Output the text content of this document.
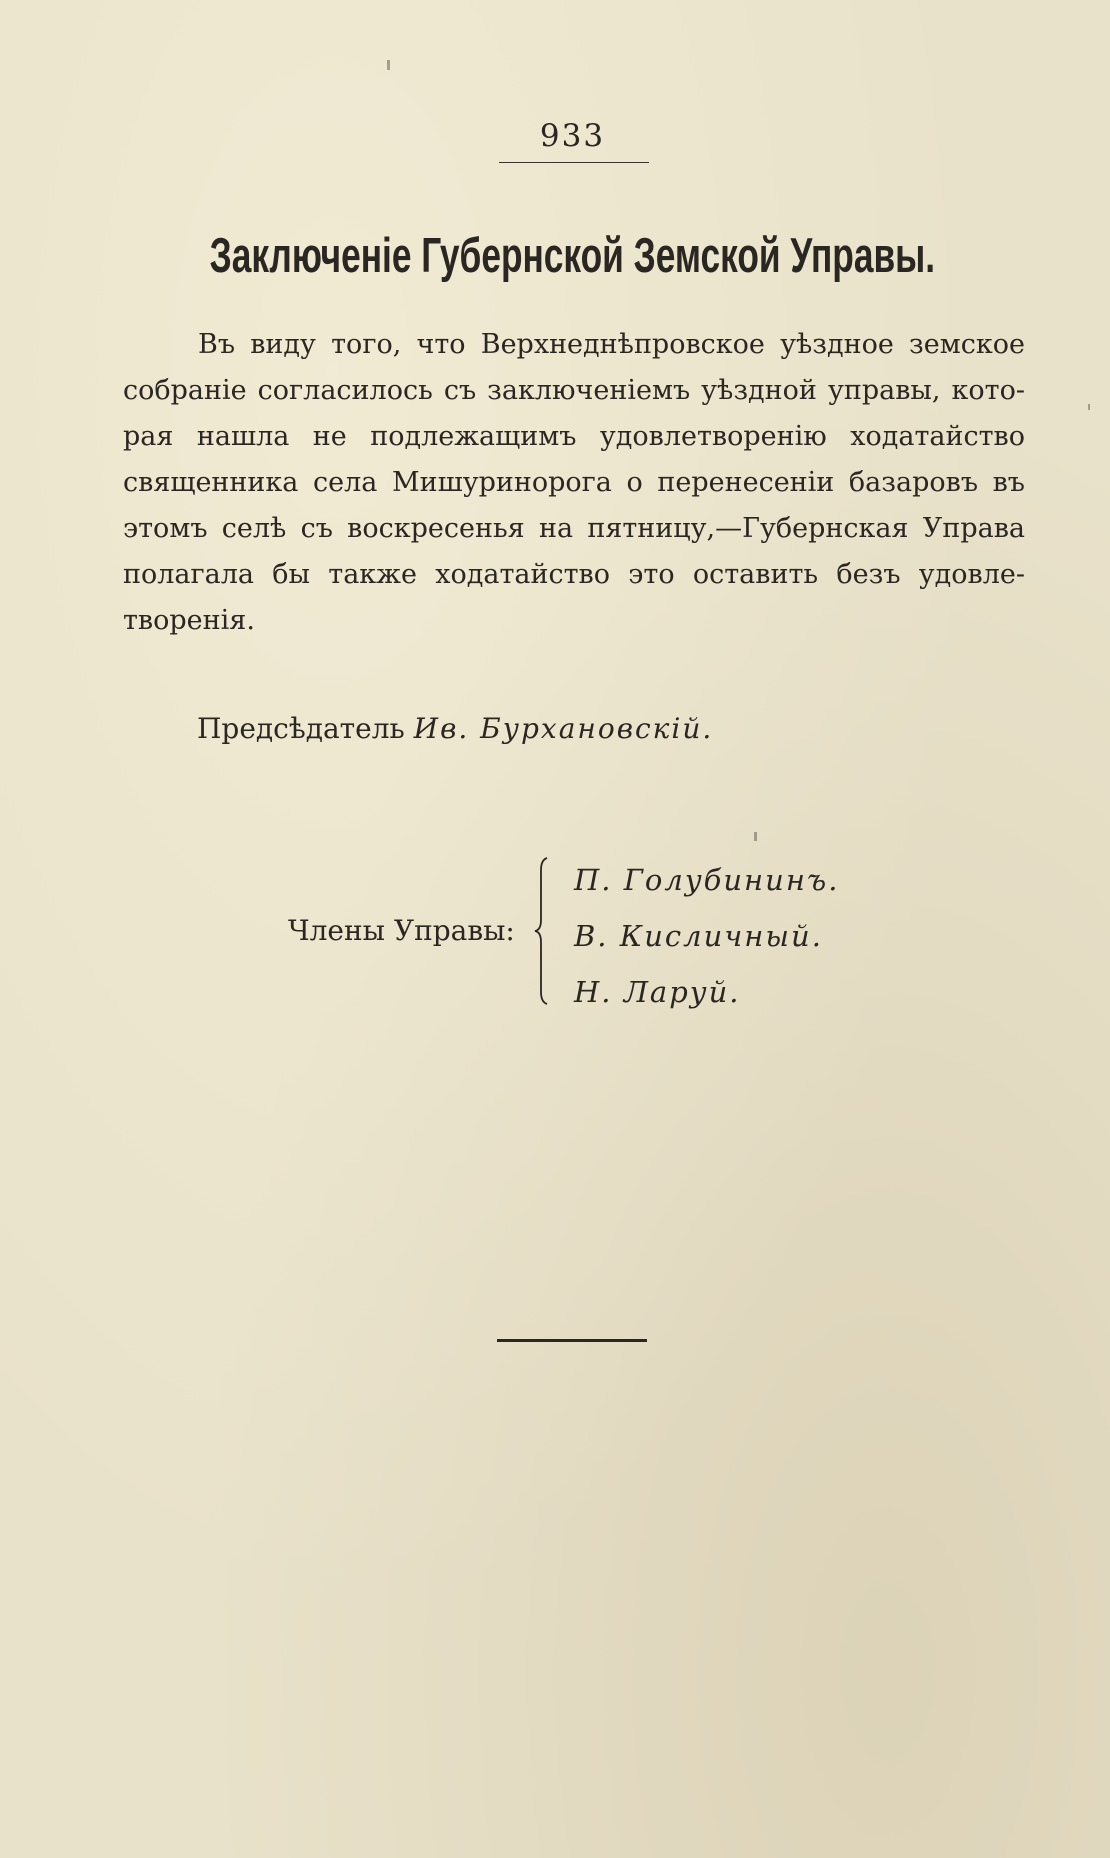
933
Заключеніе Губернской Земской Управы.
Въ виду того, что Верхнеднѣпровское уѣздное земское
собраніе согласилось съ заключеніемъ уѣздной управы, кото-
рая нашла не подлежащимъ удовлетворенію ходатайство
священника села Мишуринорога о перенесеніи базаровъ въ
этомъ селѣ съ воскресенья на пятницу,—Губернская Управа
полагала бы также ходатайство это оставить безъ удовле-
творенія.
Предсѣдатель Ив. Бурхановскій.
Члены Управы:
П. Голубининъ.
В. Кисличный.
Н. Ларуй.
